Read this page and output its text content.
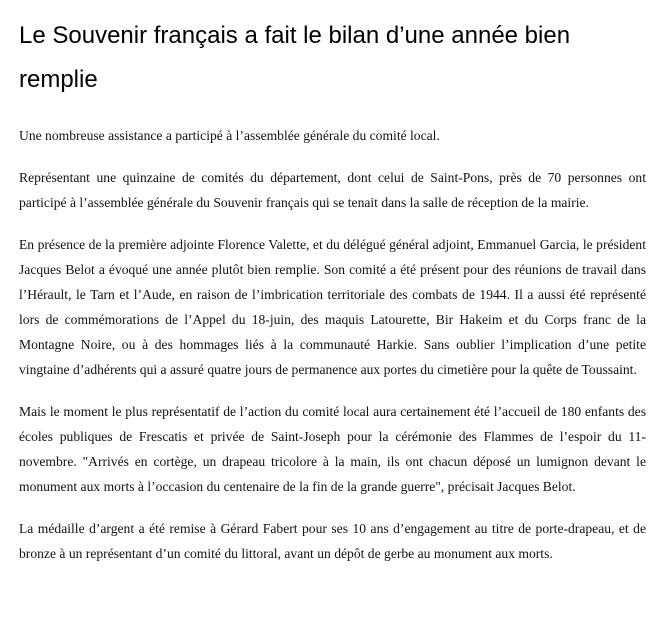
Le Souvenir français a fait le bilan d’une année bien remplie

Une nombreuse assistance a participé à l’assemblée générale du comité local.

Représentant une quinzaine de comités du département, dont celui de Saint-Pons, près de 70 personnes ont participé à l’assemblée générale du Souvenir français qui se tenait dans la salle de réception de la mairie.

En présence de la première adjointe Florence Valette, et du délégué général adjoint, Emmanuel Garcia, le président Jacques Belot a évoqué une année plutôt bien remplie. Son comité a été présent pour des réunions de travail dans l’Hérault, le Tarn et l’Aude, en raison de l’imbrication territoriale des combats de 1944. Il a aussi été représenté lors de commémorations de l’Appel du 18-juin, des maquis Latourette, Bir Hakeim et du Corps franc de la Montagne Noire, ou à des hommages liés à la communauté Harkie. Sans oublier l’implication d’une petite vingtaine d’adhérents qui a assuré quatre jours de permanence aux portes du cimetière pour la quête de Toussaint.

Mais le moment le plus représentatif de l’action du comité local aura certainement été l’accueil de 180 enfants des écoles publiques de Frescatis et privée de Saint-Joseph pour la cérémonie des Flammes de l’espoir du 11-novembre. "Arrivés en cortège, un drapeau tricolore à la main, ils ont chacun déposé un lumignon devant le monument aux morts à l’occasion du centenaire de la fin de la grande guerre", précisait Jacques Belot.

La médaille d’argent a été remise à Gérard Fabert pour ses 10 ans d’engagement au titre de porte-drapeau, et de bronze à un représentant d’un comité du littoral, avant un dépôt de gerbe au monument aux morts.
